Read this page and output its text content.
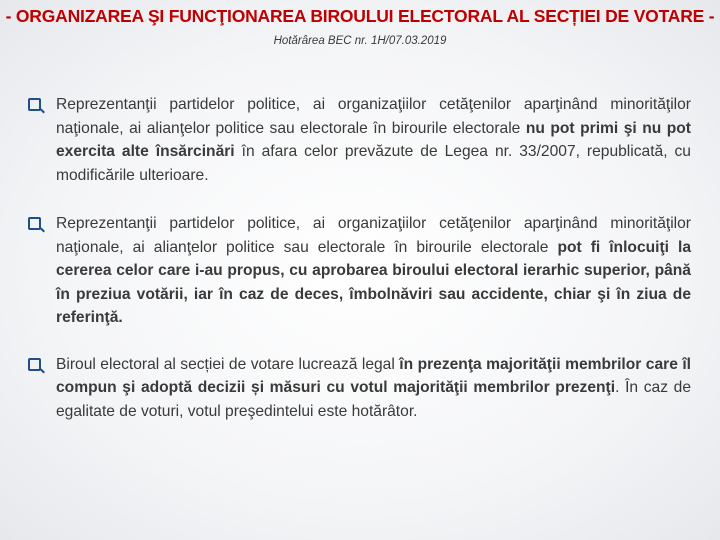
- ORGANIZAREA ŞI FUNCŢIONAREA BIROULUI ELECTORAL AL SECȚIEI DE VOTARE -
Hotărârea BEC nr. 1H/07.03.2019
Reprezentanţii partidelor politice, ai organizaţiilor cetăţenilor aparţinând minorităţilor naţionale, ai alianţelor politice sau electorale în birourile electorale nu pot primi şi nu pot exercita alte însărcinări în afara celor prevăzute de Legea nr. 33/2007, republicată, cu modificările ulterioare.
Reprezentanţii partidelor politice, ai organizaţiilor cetăţenilor aparţinând minorităţilor naţionale, ai alianţelor politice sau electorale în birourile electorale pot fi înlocuiţi la cererea celor care i-au propus, cu aprobarea biroului electoral ierarhic superior, până în preziua votării, iar în caz de deces, îmbolnăviri sau accidente, chiar şi în ziua de referinţă.
Biroul electoral al secției de votare lucrează legal în prezenţa majorităţii membrilor care îl compun şi adoptă decizii și măsuri cu votul majorităţii membrilor prezenţi. În caz de egalitate de voturi, votul preşedintelui este hotărâtor.
